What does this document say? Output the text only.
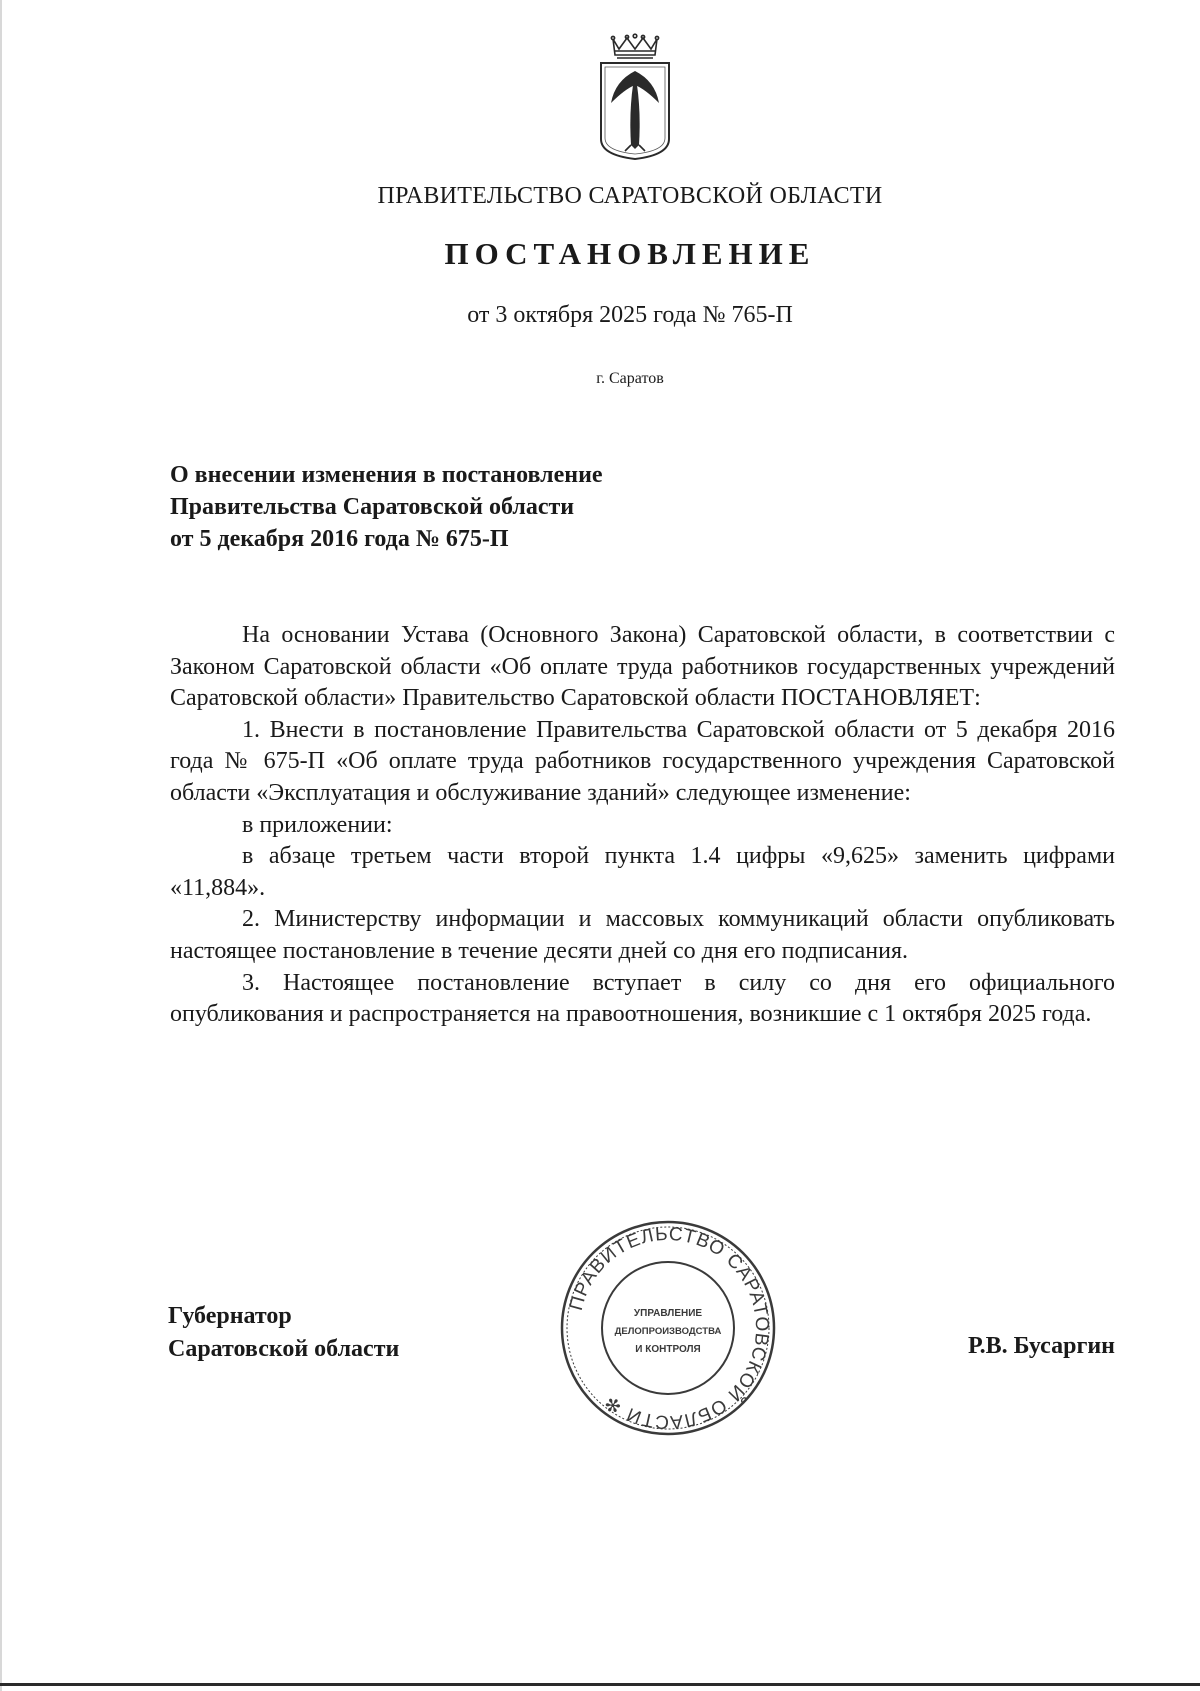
ПРАВИТЕЛЬСТВО САРАТОВСКОЙ ОБЛАСТИ
ПОСТАНОВЛЕНИЕ
от 3 октября 2025 года № 765-П
г. Саратов
О внесении изменения в постановление
Правительства Саратовской области
от 5 декабря 2016 года № 675-П

На основании Устава (Основного Закона) Саратовской области, в соответствии с Законом Саратовской области «Об оплате труда работников государственных учреждений Саратовской области» Правительство Саратовской области ПОСТАНОВЛЯЕТ:

1. Внести в постановление Правительства Саратовской области от 5 декабря 2016 года № 675-П «Об оплате труда работников государственного учреждения Саратовской области «Эксплуатация и обслуживание зданий» следующее изменение:

в приложении:

в абзаце третьем части второй пункта 1.4 цифры «9,625» заменить цифрами «11,884».

2. Министерству информации и массовых коммуникаций области опубликовать настоящее постановление в течение десяти дней со дня его подписания.

3. Настоящее постановление вступает в силу со дня его официального опубликования и распространяется на правоотношения, возникшие с 1 октября 2025 года.

Губернатор
Саратовской области
ПРАВИТЕЛЬСТВО САРАТОВСКОЙ ОБЛАСТИ ✻
УПРАВЛЕНИЕ
ДЕЛОПРОИЗВОДСТВА
И КОНТРОЛЯ	Р.В. Бусаргин
